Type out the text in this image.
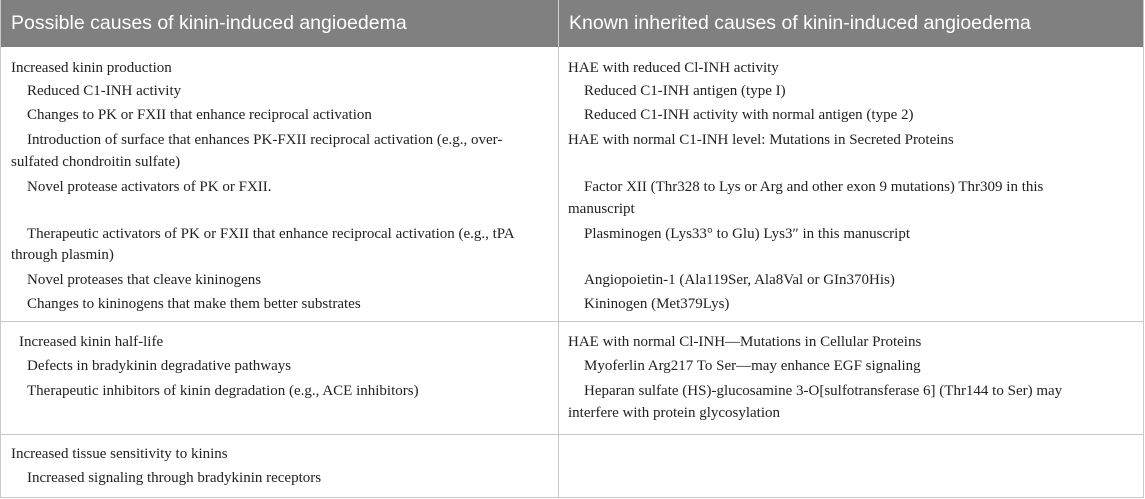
Possible causes of kinin-induced angioedema	Known inherited causes of kinin-induced angioedema
Increased kinin production
Reduced C1-INH activity
Changes to PK or FXII that enhance reciprocal activation
Introduction of surface that enhances PK-FXII reciprocal activation (e.g., over-
sulfated chondroitin sulfate)
Novel protease activators of PK or FXII.
Therapeutic activators of PK or FXII that enhance reciprocal activation (e.g., tPA
through plasmin)
Novel proteases that cleave kininogens
Changes to kininogens that make them better substrates
HAE with reduced Cl-INH activity
Reduced C1-INH antigen (type I)
Reduced C1-INH activity with normal antigen (type 2)
HAE with normal C1-INH level: Mutations in Secreted Proteins
Factor XII (Thr328 to Lys or Arg and other exon 9 mutations) Thr309 in this
manuscript
Plasminogen (Lys33° to Glu) Lys3″ in this manuscript
Angiopoietin-1 (Ala119Ser, Ala8Val or GIn370His)
Kininogen (Met379Lys)
Increased kinin half-life
Defects in bradykinin degradative pathways
Therapeutic inhibitors of kinin degradation (e.g., ACE inhibitors)
HAE with normal Cl-INH—Mutations in Cellular Proteins
Myoferlin Arg217 To Ser—may enhance EGF signaling
Heparan sulfate (HS)-glucosamine 3-O[sulfotransferase 6] (Thr144 to Ser) may
interfere with protein glycosylation
Increased tissue sensitivity to kinins
Increased signaling through bradykinin receptors
